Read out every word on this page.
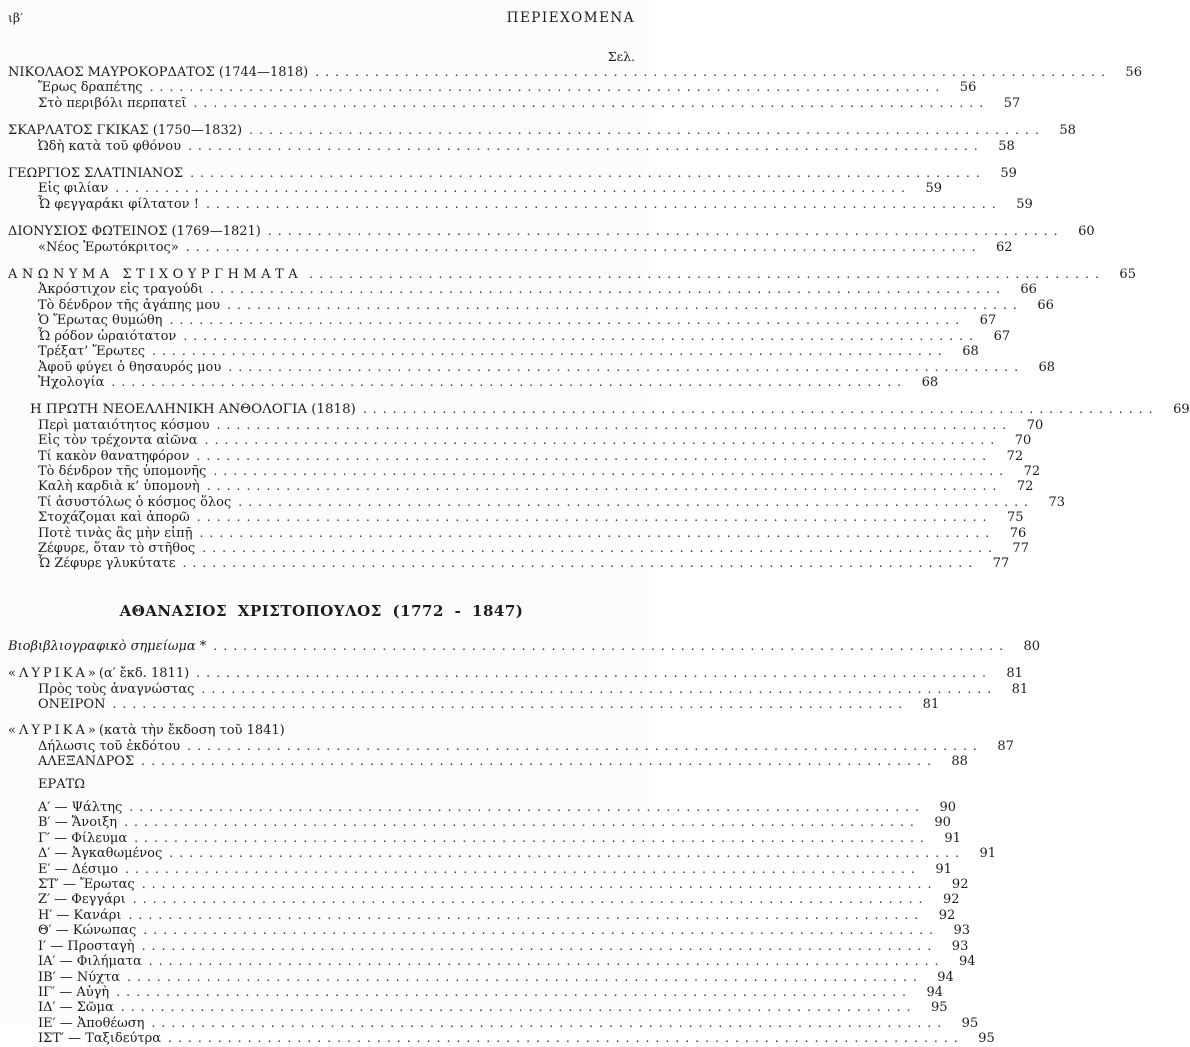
ιβ′	ΠΕΡΙΕΧΟΜΕΝΑ
Σελ.
ΝΙΚΟΛΑΟΣ ΜΑΥΡΟΚΟΡΔΑΤΟΣ (1744—1818) . . .	56
Ἔρως δραπέτης . . .	56
Στὸ περιβόλι περπατεῖ . . .	57
ΣΚΑΡΛΑΤΟΣ ΓΚΙΚΑΣ (1750—1832) . . .	58
Ὠδὴ κατὰ τοῦ φθόνου . . .	58
ΓΕΩΡΓΙΟΣ ΣΛΑΤΙΝΙΑΝΟΣ . . .	59
Εἰς φιλίαν . . .	59
Ὦ φεγγαράκι φίλτατον ! . . .	59
ΔΙΟΝΥΣΙΟΣ ΦΩΤΕΙΝΟΣ (1769—1821) . . .	60
«Νέος Ἐρωτόκριτος» . . .	62
ΑΝΩΝΥΜΑ ΣΤΙΧΟΥΡΓΗΜΑΤΑ . . .	65
Ἀκρόστιχον εἰς τραγούδι . . .	66
Τὸ δένδρον τῆς ἀγάπης μου . . .	66
Ὁ Ἔρωτας θυμώθη . . .	67
Ὦ ρόδον ὡραιότατον . . .	67
Τρέξατ’ Ἔρωτες . . .	68
Ἀφοῦ φύγει ὁ θησαυρός μου . . .	68
Ἠχολογία . . .	68
Η ΠΡΩΤΗ ΝΕΟΕΛΛΗΝΙΚΗ ΑΝΘΟΛΟΓΙΑ (1818) . . .	69
Περὶ ματαιότητος κόσμου . . .	70
Εἰς τὸν τρέχοντα αἰῶνα . . .	70
Τί κακὸν θανατηφόρον . . .	72
Τὸ δένδρον τῆς ὑπομονῆς . . .	72
Καλὴ καρδιὰ κ’ ὑπομονὴ . . .	72
Τί ἀσυστόλως ὁ κόσμος ὅλος . . .	73
Στοχάζομαι καὶ ἀπορῶ . . .	75
Ποτὲ τινὰς ἂς μὴν εἰπῇ . . .	76
Ζέφυρε, ὅταν τὸ στῆθος . . .	77
Ὦ Ζέφυρε γλυκύτατε . . .	77
ΑΘΑΝΑΣΙΟΣ ΧΡΙΣΤΟΠΟΥΛΟΣ (1772 - 1847)
Βιοβιβλιογραφικὸ σημείωμα * . . .	80
«ΛΥΡΙΚΑ» (α′ ἔκδ. 1811) . . .	81
Πρὸς τοὺς ἀναγνώστας . . .	81
ΟΝΕΙΡΟΝ . . .	81
«ΛΥΡΙΚΑ» (κατὰ τὴν ἔκδοση τοῦ 1841)
Δήλωσις τοῦ ἐκδότου . . .	87
ΑΛΕΞΑΝΔΡΟΣ . . .	88
ΕΡΑΤΩ
Α′ — Ψάλτης . . .	90
Β′ — Ἄνοιξη . . .	90
Γ′ — Φίλευμα . . .	91
Δ′ — Ἀγκαθωμένος . . .	91
Ε′ — Δέσιμο . . .	91
ΣΤ′ — Ἔρωτας . . .	92
Ζ′ — Φεγγάρι . . .	92
Η′ — Κανάρι . . .	92
Θ′ — Κώνωπας . . .	93
Ι′ — Προσταγὴ . . .	93
ΙΑ′ — Φιλήματα . . .	94
ΙΒ′ — Νύχτα . . .	94
ΙΓ′ — Αὐγὴ . . .	94
ΙΔ′ — Σῶμα . . .	95
ΙΕ′ — Ἀποθέωση . . .	95
ΙΣΤ′ — Ταξιδεύτρα . . .	95
